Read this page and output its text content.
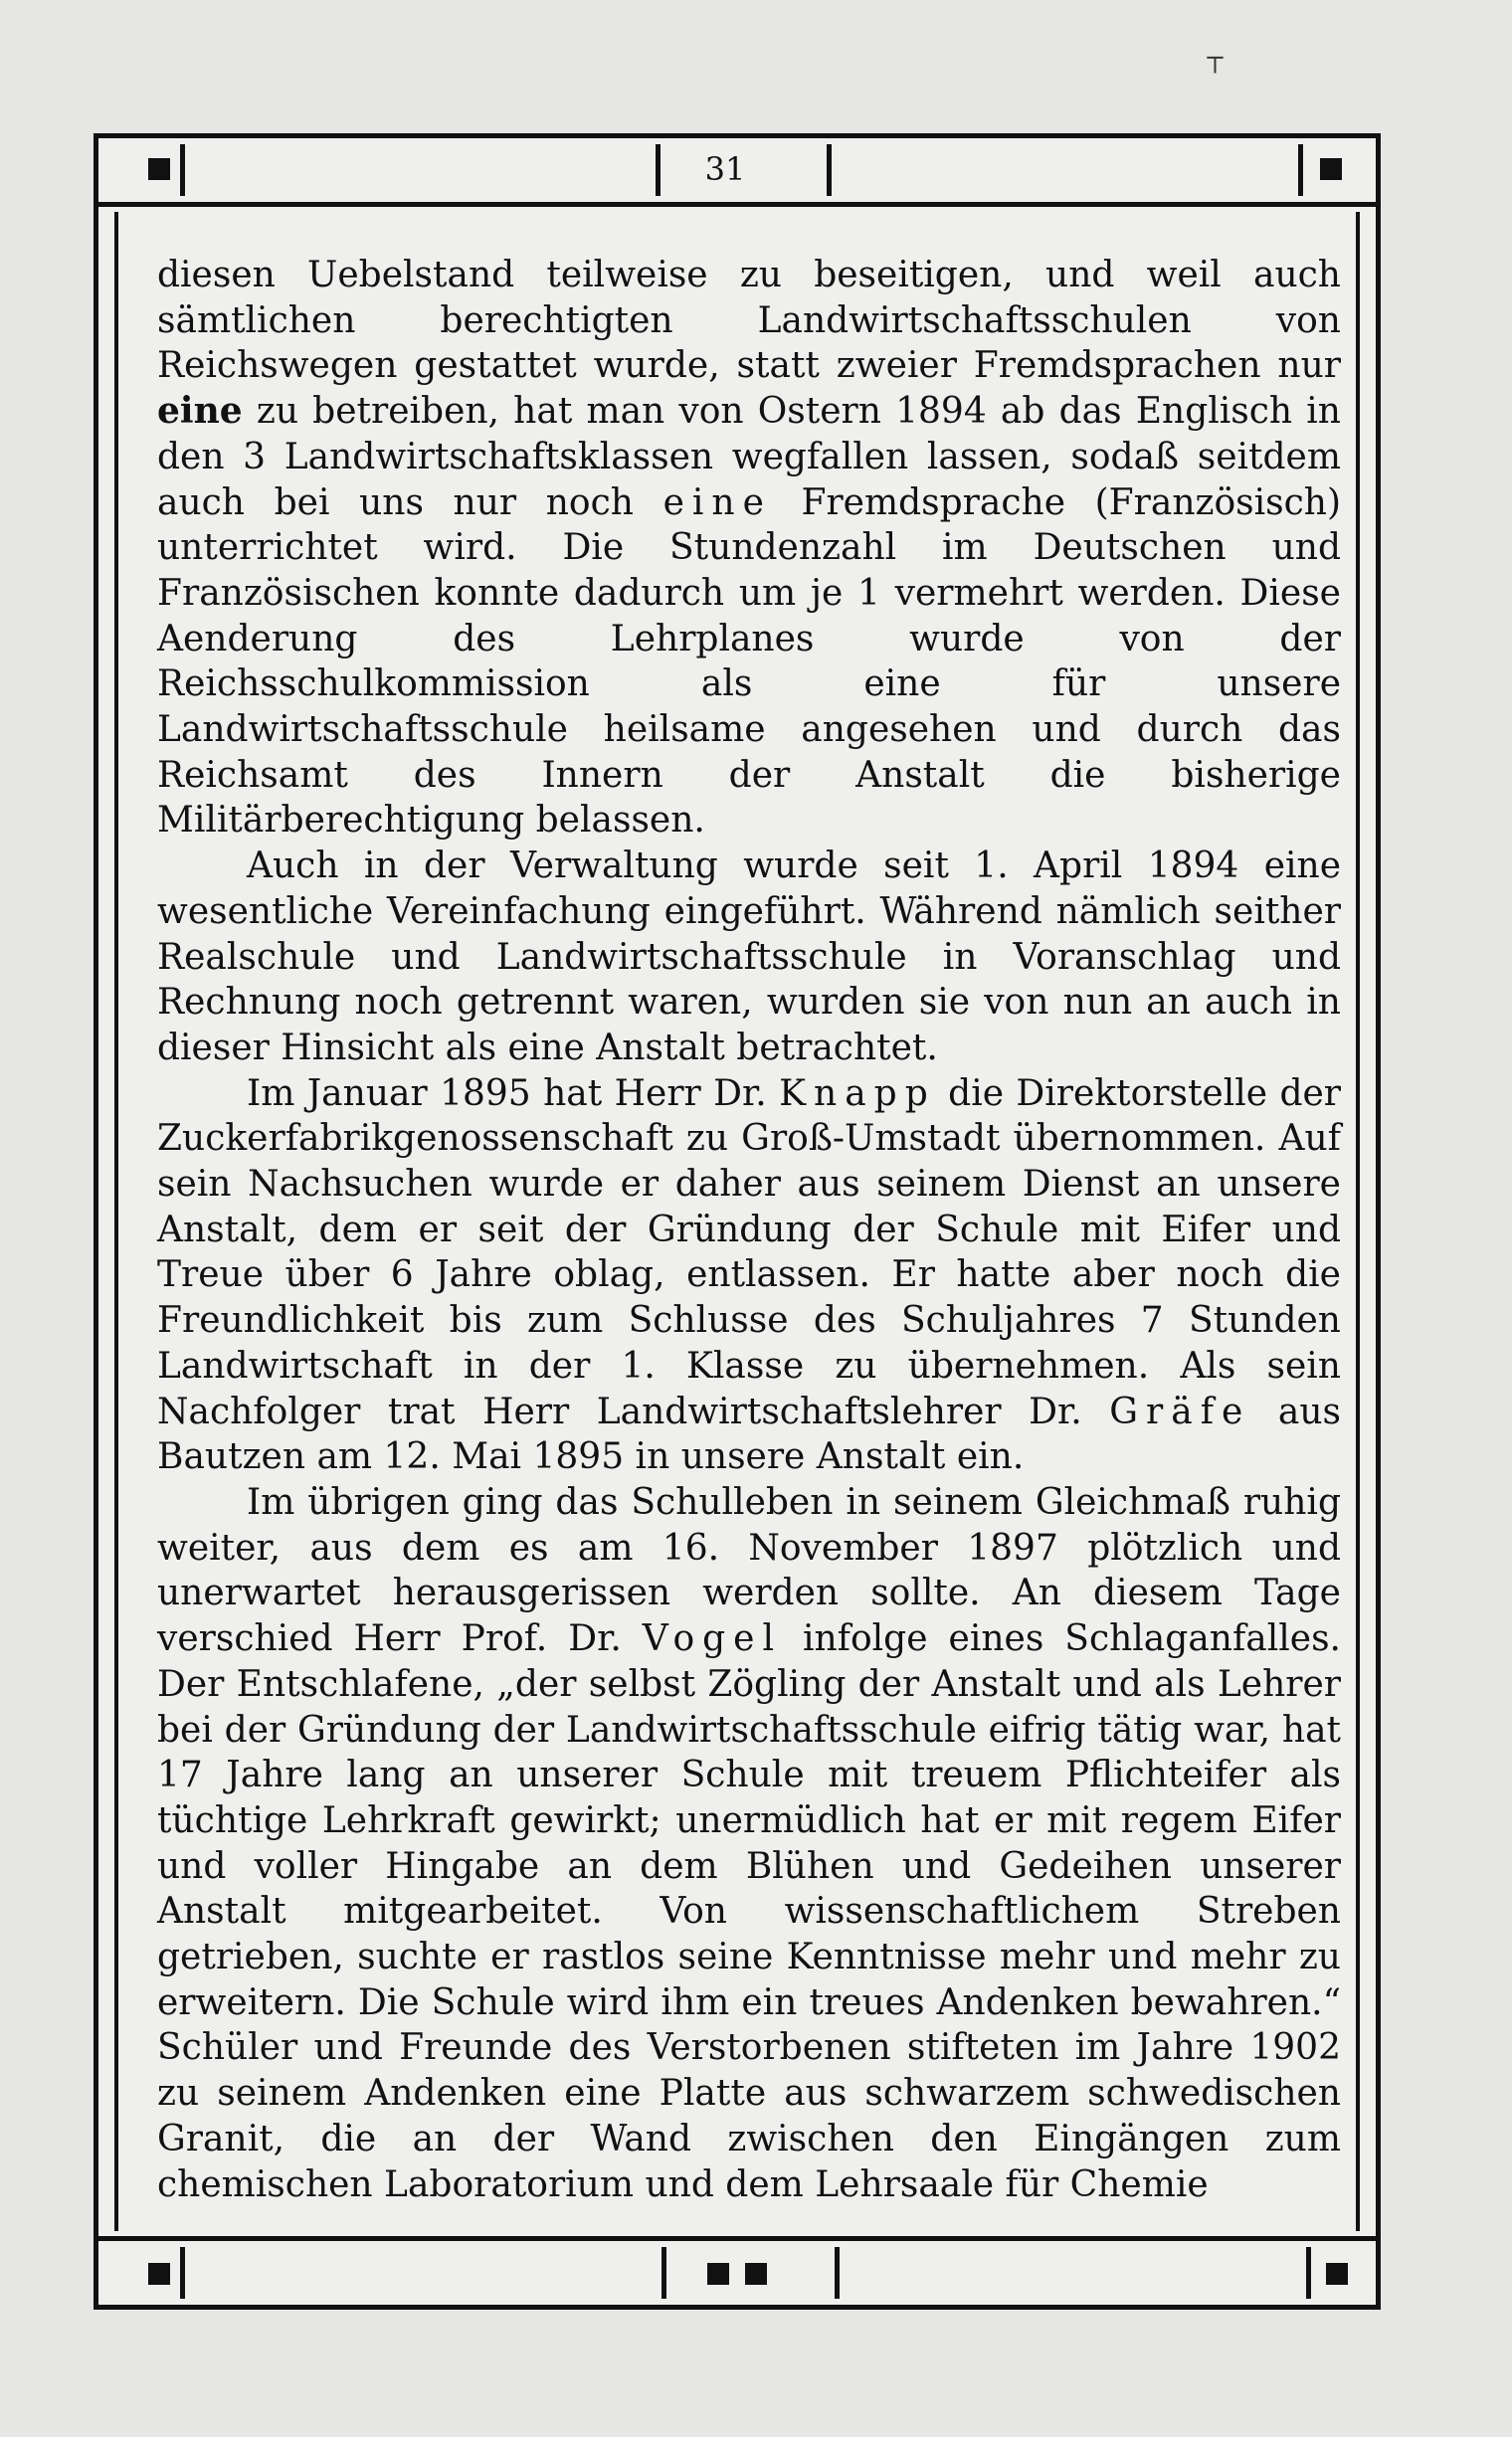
⸆
31

diesen Uebelstand teilweise zu beseitigen, und weil auch sämtlichen berechtigten Landwirtschaftsschulen von Reichswegen gestattet wurde, statt zweier Fremdsprachen nur eine zu betreiben, hat man von Ostern 1894 ab das Englisch in den 3 Landwirtschaftsklassen wegfallen lassen, sodaß seitdem auch bei uns nur noch eine Fremdsprache (Französisch) unterrichtet wird. Die Stundenzahl im Deutschen und Französischen konnte dadurch um je 1 vermehrt werden. Diese Aenderung des Lehrplanes wurde von der Reichsschulkommission als eine für unsere Landwirtschaftsschule heilsame angesehen und durch das Reichsamt des Innern der Anstalt die bisherige Militärberechtigung belassen.

Auch in der Verwaltung wurde seit 1. April 1894 eine wesentliche Vereinfachung eingeführt. Während nämlich seither Realschule und Landwirtschaftsschule in Voranschlag und Rechnung noch getrennt waren, wurden sie von nun an auch in dieser Hinsicht als eine Anstalt betrachtet.

Im Januar 1895 hat Herr Dr. Knapp die Direktorstelle der Zuckerfabrikgenossenschaft zu Groß-Umstadt übernommen. Auf sein Nachsuchen wurde er daher aus seinem Dienst an unsere Anstalt, dem er seit der Gründung der Schule mit Eifer und Treue über 6 Jahre oblag, entlassen. Er hatte aber noch die Freundlichkeit bis zum Schlusse des Schuljahres 7 Stunden Landwirtschaft in der 1. Klasse zu übernehmen. Als sein Nachfolger trat Herr Landwirtschaftslehrer Dr. Gräfe aus Bautzen am 12. Mai 1895 in unsere Anstalt ein.

Im übrigen ging das Schulleben in seinem Gleichmaß ruhig weiter, aus dem es am 16. November 1897 plötzlich und unerwartet herausgerissen werden sollte. An diesem Tage verschied Herr Prof. Dr. Vogel infolge eines Schlaganfalles. Der Entschlafene, „der selbst Zögling der Anstalt und als Lehrer bei der Gründung der Landwirtschaftsschule eifrig tätig war, hat 17 Jahre lang an unserer Schule mit treuem Pflichteifer als tüchtige Lehrkraft gewirkt; unermüdlich hat er mit regem Eifer und voller Hingabe an dem Blühen und Gedeihen unserer Anstalt mitgearbeitet. Von wissenschaftlichem Streben getrieben, suchte er rastlos seine Kenntnisse mehr und mehr zu erweitern. Die Schule wird ihm ein treues Andenken bewahren.“ Schüler und Freunde des Verstorbenen stifteten im Jahre 1902 zu seinem Andenken eine Platte aus schwarzem schwedischen Granit, die an der Wand zwischen den Eingängen zum chemischen Laboratorium und dem Lehrsaale für Chemie
